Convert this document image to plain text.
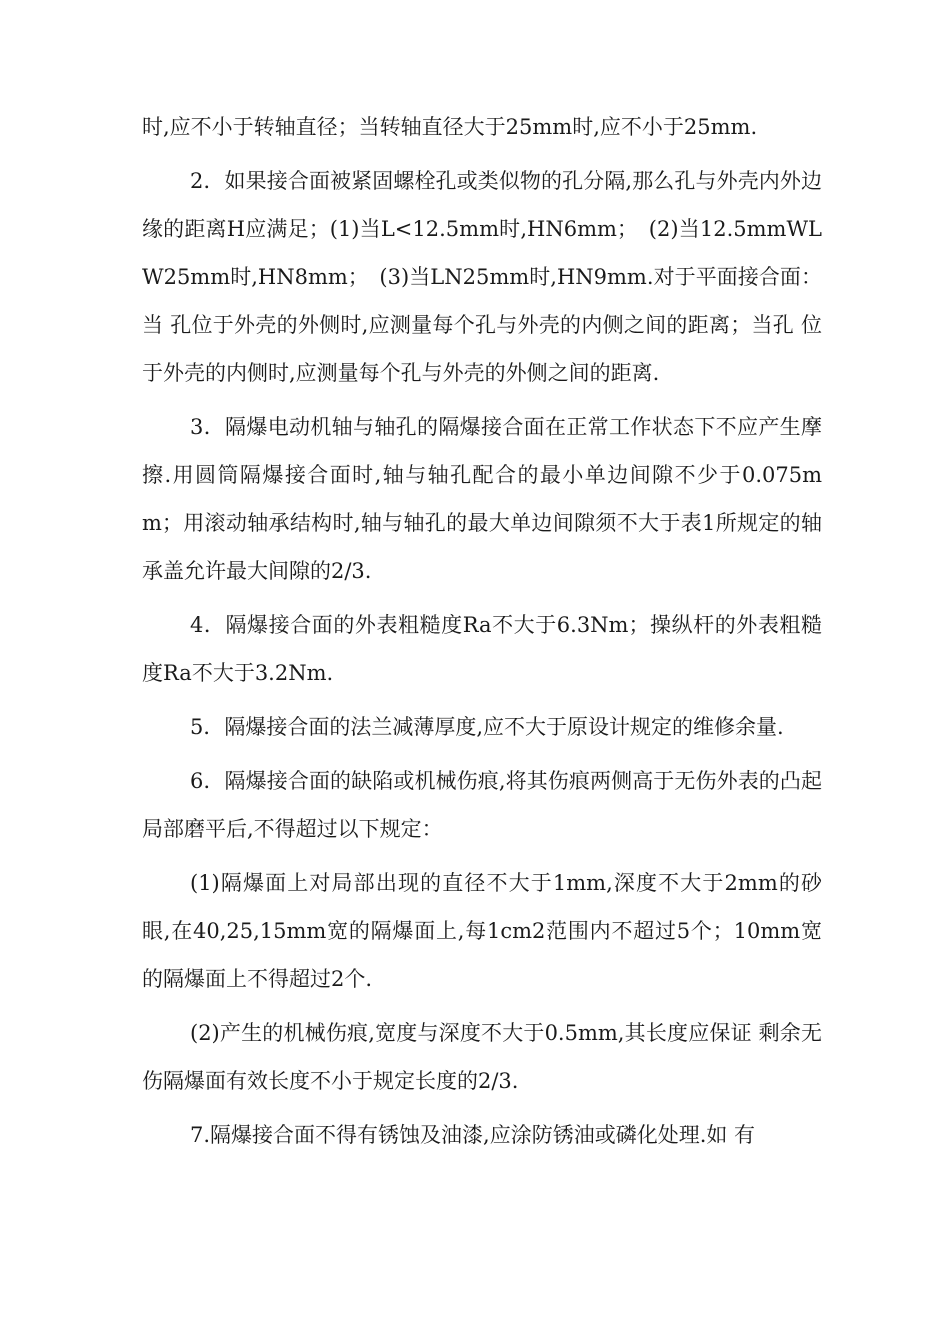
时,应不小于转轴直径；当转轴直径大于25mm时,应不小于25mm.

2．如果接合面被紧固螺栓孔或类似物的孔分隔,那么孔与外壳内外边缘的距离H应满足；(1)当L<12.5mm时,HN6mm；　(2)当12.5mmWLW25mm时,HN8mm；　(3)当LN25mm时,HN9mm.对于平面接合面：当 孔位于外壳的外侧时,应测量每个孔与外壳的内侧之间的距离；当孔 位于外壳的内侧时,应测量每个孔与外壳的外侧之间的距离.

3．隔爆电动机轴与轴孔的隔爆接合面在正常工作状态下不应产生摩擦.用圆筒隔爆接合面时,轴与轴孔配合的最小单边间隙不少于0.075mm；用滚动轴承结构时,轴与轴孔的最大单边间隙须不大于表1所规定的轴承盖允许最大间隙的2/3.

4．隔爆接合面的外表粗糙度Ra不大于6.3Nm；操纵杆的外表粗糙度Ra不大于3.2Nm.

5．隔爆接合面的法兰减薄厚度,应不大于原设计规定的维修余量.

6．隔爆接合面的缺陷或机械伤痕,将其伤痕两侧高于无伤外表的凸起局部磨平后,不得超过以下规定：

(1)隔爆面上对局部出现的直径不大于1mm,深度不大于2mm的砂眼,在40,25,15mm宽的隔爆面上,每1cm2范围内不超过5个；10mm宽的隔爆面上不得超过2个.

(2)产生的机械伤痕,宽度与深度不大于0.5mm,其长度应保证 剩余无伤隔爆面有效长度不小于规定长度的2/3.

7.隔爆接合面不得有锈蚀及油漆,应涂防锈油或磷化处理.如 有
